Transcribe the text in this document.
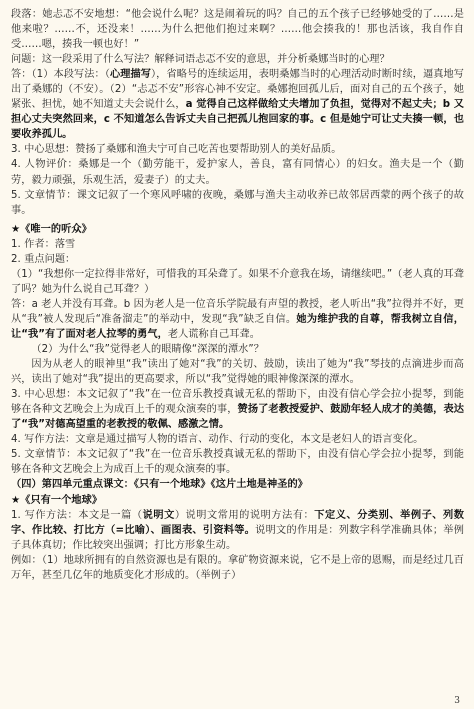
段落：她忐忑不安地想：“他会说什么呢？这是闹着玩的吗？自己的五个孩子已经够她受的了……是他来啦？……不，还没来！……为什么把他们抱过来啊？……他会揍我的！那也活该，我自作自受……嗯，揍我一顿也好！”

问题：这一段采用了什么写法？解释词语忐忑不安的意思，并分析桑娜当时的心理？

答：（1）本段写法：（心理描写），省略号的连续运用，表明桑娜当时的心理活动时断时续，逼真地写出了桑娜的（不安）。（2）“忐忑不安”形容心神不安定。桑娜抱回孤儿后，面对自己的五个孩子，她紧张、担忧，她不知道丈夫会说什么，a 觉得自己这样做给丈夫增加了负担，觉得对不起丈夫；b 又担心丈夫突然回来，c 不知道怎么告诉丈夫自己把孤儿抱回家的事。c 但是她宁可让丈夫揍一顿，也要收养孤儿。

3. 中心思想：赞扬了桑娜和渔夫宁可自己吃苦也要帮助别人的美好品质。

4. 人物评价：桑娜是一个（勤劳能干，爱护家人，善良，富有同情心）的妇女。渔夫是一个（勤劳，毅力顽强，乐观生活，爱妻子）的丈夫。

5. 文章情节：课文记叙了一个寒风呼啸的夜晚，桑娜与渔夫主动收养已故邻居西蒙的两个孩子的故事。

★《唯一的听众》

1. 作者：落雪

2. 重点问题：

（1）“我想你一定拉得非常好，可惜我的耳朵聋了。如果不介意我在场，请继续吧。”（老人真的耳聋了吗？她为什么说自己耳聋？）

答：a 老人并没有耳聋。b 因为老人是一位音乐学院最有声望的教授，老人听出“我”拉得并不好，更从“我”被人发现后“准备溜走”的举动中，发现“我”缺乏自信。她为维护我的自尊，帮我树立自信，让“我”有了面对老人拉琴的勇气，老人谎称自己耳聋。

（2）为什么“我”觉得老人的眼睛像“深深的潭水”？

因为从老人的眼神里“我”读出了她对“我”的关切、鼓励，读出了她为“我”琴技的点滴进步而高兴，读出了她对“我”提出的更高要求，所以“我”觉得她的眼神像深深的潭水。

3. 中心思想：本文记叙了“我”在一位音乐教授真诚无私的帮助下，由没有信心学会拉小提琴，到能够在各种文艺晚会上为成百上千的观众演奏的事，赞扬了老教授爱护、鼓励年轻人成才的美德，表达了“我”对德高望重的老教授的敬佩、感激之情。

4. 写作方法：文章是通过描写人物的语言、动作、行动的变化，本文是老妇人的语言变化。

5. 文章情节：本文记叙了“我”在一位音乐教授真诚无私的帮助下，由没有信心学会拉小提琴，到能够在各种文艺晚会上为成百上千的观众演奏的事。

（四）第四单元重点课文：《只有一个地球》《这片土地是神圣的》

★《只有一个地球》

1. 写作方法：本文是一篇（说明文）说明文常用的说明方法有：下定义、分类别、举例子、列数字、作比较、打比方（=比喻）、画图表、引资料等。说明文的作用是：列数字科学准确具体；举例子具体真切；作比较突出强调；打比方形象生动。

例如：（1）地球所拥有的自然资源也是有限的。拿矿物资源来说，它不是上帝的恩赐，而是经过几百万年，甚至几亿年的地质变化才形成的。（举例子）

3
